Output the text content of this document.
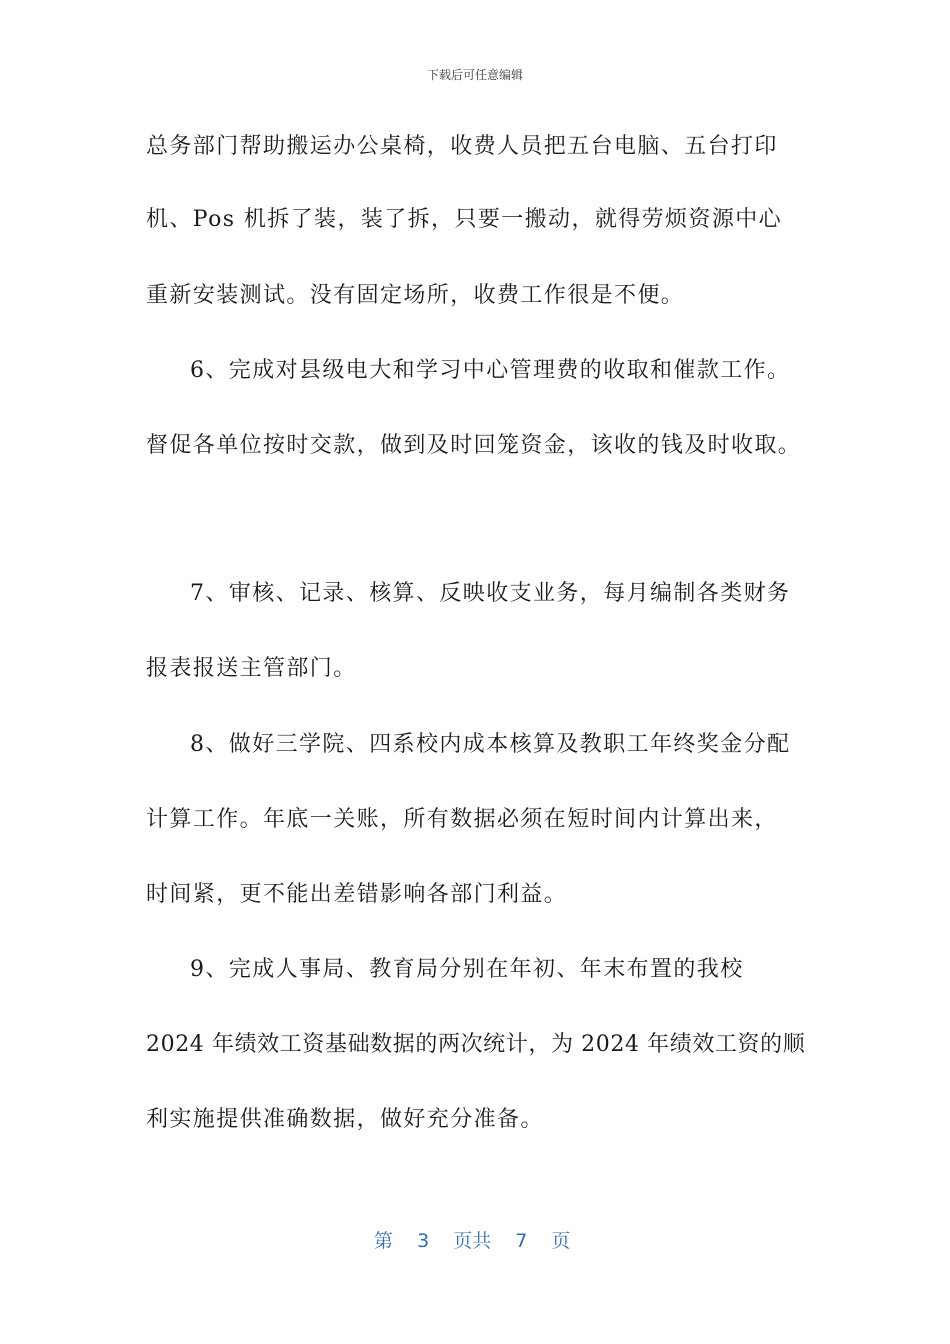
下载后可任意编辑
总务部门帮助搬运办公桌椅，收费人员把五台电脑、五台打印
机、Pos 机拆了装，装了拆，只要一搬动，就得劳烦资源中心
重新安装测试。没有固定场所，收费工作很是不便。
6、完成对县级电大和学习中心管理费的收取和催款工作。
督促各单位按时交款，做到及时回笼资金，该收的钱及时收取。
7、审核、记录、核算、反映收支业务，每月编制各类财务
报表报送主管部门。
8、做好三学院、四系校内成本核算及教职工年终奖金分配
计算工作。年底一关账，所有数据必须在短时间内计算出来，
时间紧，更不能出差错影响各部门利益。
9、完成人事局、教育局分别在年初、年末布置的我校
2024 年绩效工资基础数据的两次统计，为 2024 年绩效工资的顺
利实施提供准确数据，做好充分准备。
第 3 页共 7 页
